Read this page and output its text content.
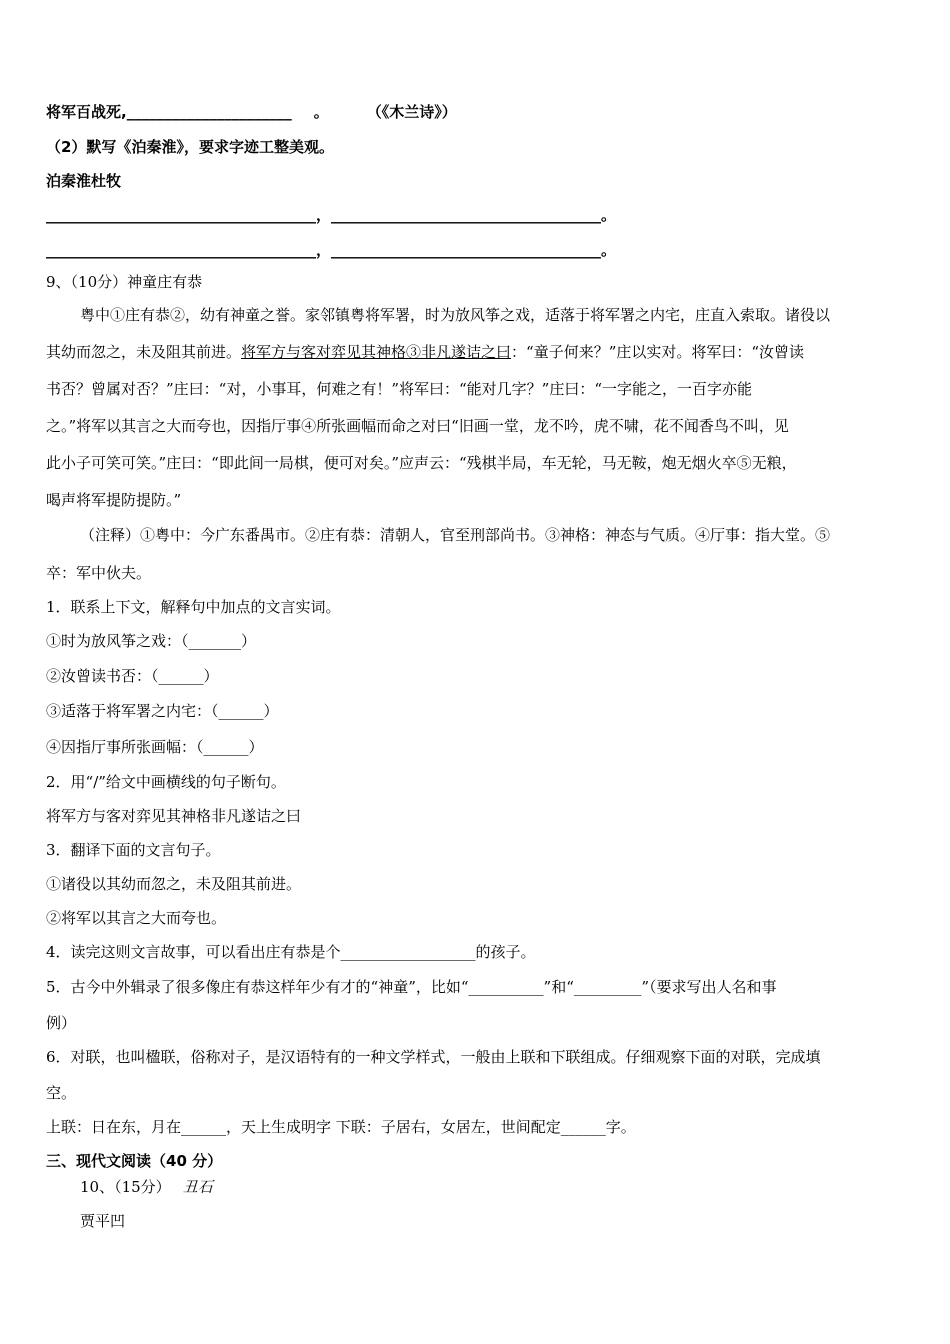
将军百战死,______________________ 。	（《木兰诗》）
（2）默写《泊秦淮》，要求字迹工整美观。
泊秦淮杜牧
____________________________________，____________________________________。
____________________________________，____________________________________。
9、（10分）神童庄有恭
粤中①庄有恭②，幼有神童之誉。家邻镇粤将军署，时为放风筝之戏，适落于将军署之内宅，庄直入索取。诸役以
其幼而忽之，未及阻其前进。将军方与客对弈见其神格③非凡遂诘之曰：“童子何来？”庄以实对。将军曰：“汝曾读
书否？曾属对否？”庄曰：“对，小事耳，何难之有！”将军曰：“能对几字？”庄曰：“一字能之，一百字亦能
之。”将军以其言之大而夸也，因指厅事④所张画幅而命之对曰“旧画一堂，龙不吟，虎不啸，花不闻香鸟不叫，见
此小子可笑可笑。”庄曰：“即此间一局棋，便可对矣。”应声云：“残棋半局，车无轮，马无鞍，炮无烟火卒⑤无粮，
喝声将军提防提防。”
（注释）①粤中：今广东番禺市。②庄有恭：清朝人，官至刑部尚书。③神格：神态与气质。④厅事：指大堂。⑤
卒：军中伙夫。
1．联系上下文，解释句中加点的文言实词。
①时为放风筝之戏：（_______）
②汝曾读书否：（______）
③适落于将军署之内宅：（______）
④因指厅事所张画幅：（______）
2．用“/”给文中画横线的句子断句。
将军方与客对弈见其神格非凡遂诘之曰
3．翻译下面的文言句子。
①诸役以其幼而忽之，未及阻其前进。
②将军以其言之大而夸也。
4．读完这则文言故事，可以看出庄有恭是个__________________的孩子。
5．古今中外辑录了很多像庄有恭这样年少有才的“神童”，比如“__________”和“_________”（要求写出人名和事
例）
6．对联，也叫楹联，俗称对子，是汉语特有的一种文学样式，一般由上联和下联组成。仔细观察下面的对联，完成填
空。
上联：日在东，月在______，天上生成明字 下联：子居右，女居左，世间配定______字。
三、现代文阅读（40 分）
10、（15分） 丑石
贾平凹
